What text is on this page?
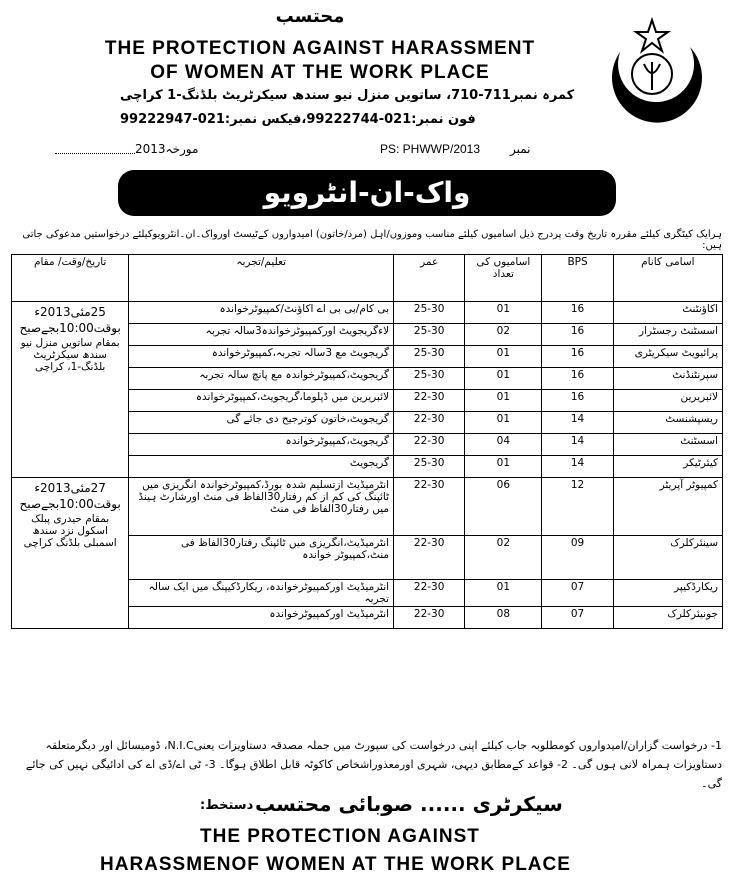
محتسب
THE PROTECTION AGAINST HARASSMENT
OF WOMEN AT THE WORK PLACE
کمرہ نمبر711-710، ساتویں منزل نیو سندھ سیکرٹریٹ بلڈنگ-1 کراچی
فون نمبر:021-99222744،فیکس نمبر:021-99222947
مورخہ2013	PS: PHWWP/2013 نمبر
واک-ان-انٹرویو
ہرایک کیٹگری کیلئے مقررہ تاریخ وقت پردرج ذیل اسامیوں کیلئے مناسب وموزوں/اہل (مرد/خاتون) امیدواروں کےٹیسٹ اورواک۔ان۔انٹرویوکیلئے درخواستیں مدعوکی جاتی ہیں:
تاریخ/وقت/ مقام	تعلیم/تجربہ	عمر	اسامیوں کی تعداد	BPS	اسامی کانام

25مئی2013ء
بوقت10:00بجےصبح
بمقام ساتویں منزل نیو سندھ سیکرٹریٹ بلڈنگ-1، کراچی	بی کام/بی بی اے اکاؤنٹ/کمپیوٹرخواندہ	25-30	01	16	اکاؤنٹنٹ
	لاءگریجویٹ اورکمپیوٹرخواندہ3سالہ تجربہ	25-30	02	16	اسسٹنٹ رجسٹرار
	گریجویٹ مع 3سالہ تجربہ،کمپیوٹرخواندہ	25-30	01	16	پرائیویٹ سیکریٹری
	گریجویٹ،کمپیوٹرخواندہ مع پانچ سالہ تجربہ	25-30	01	16	سپرنٹنڈنٹ
	لائبریرین میں ڈپلوما،گریجویٹ،کمپیوٹرخواندہ	22-30	01	16	لائبریرین
	گریجویٹ،خاتون کوترجیح دی جائے گی	22-30	01	14	ریسپشنسٹ
	گریجویٹ،کمپیوٹرخواندہ	22-30	04	14	اسسٹنٹ
	گریجویٹ	25-30	01	14	کیئرٹیکر

27مئی2013ء
بوقت10:00بجےصبح
بمقام حیدری پبلک اسکول نزد سندھ اسمبلی بلڈنگ کراچی	انٹرمیڈیٹ ازتسلیم شدہ بورڈ،کمپیوٹرخواندہ انگریزی میں ٹائپنگ کی کم از کم رفتار30الفاظ فی منٹ اورشارٹ ہینڈ میں رفتار30الفاظ فی منٹ	22-30	06	12	کمپیوٹر آپریٹر
	انٹرمیڈیٹ،انگریزی میں ٹائپنگ رفتار30الفاظ فی منٹ،کمپیوٹر خواندہ	22-30	02	09	سینئرکلرک
	انٹرمیڈیٹ اورکمپیوٹرخواندہ، ریکارڈکیپنگ میں ایک سالہ تجربہ	22-30	01	07	ریکارڈکیپر
	انٹرمیڈیٹ اورکمپیوٹرخواندہ	22-30	08	07	جونیئرکلرک
1- درخواست گزاران/امیدواروں کومطلوبہ جاب کیلئے اپنی درخواست کی سپورٹ میں جملہ مصدقہ دستاویزات یعنیN.I.C، ڈومیسائل اور دیگرمتعلقہ دستاویزات ہمراہ لانی ہوں گی۔ 2- قواعد کےمطابق دیہی، شہری اورمعذوراشخاص کاکوٹہ قابل اطلاق ہوگا۔ 3- ٹی اے/ڈی اے کی ادائیگی نہیں کی جائے گی۔
دستخط: سیکرٹری ...... صوبائی محتسب
THE PROTECTION AGAINST
HARASSMENOF WOMEN AT THE WORK PLACE
